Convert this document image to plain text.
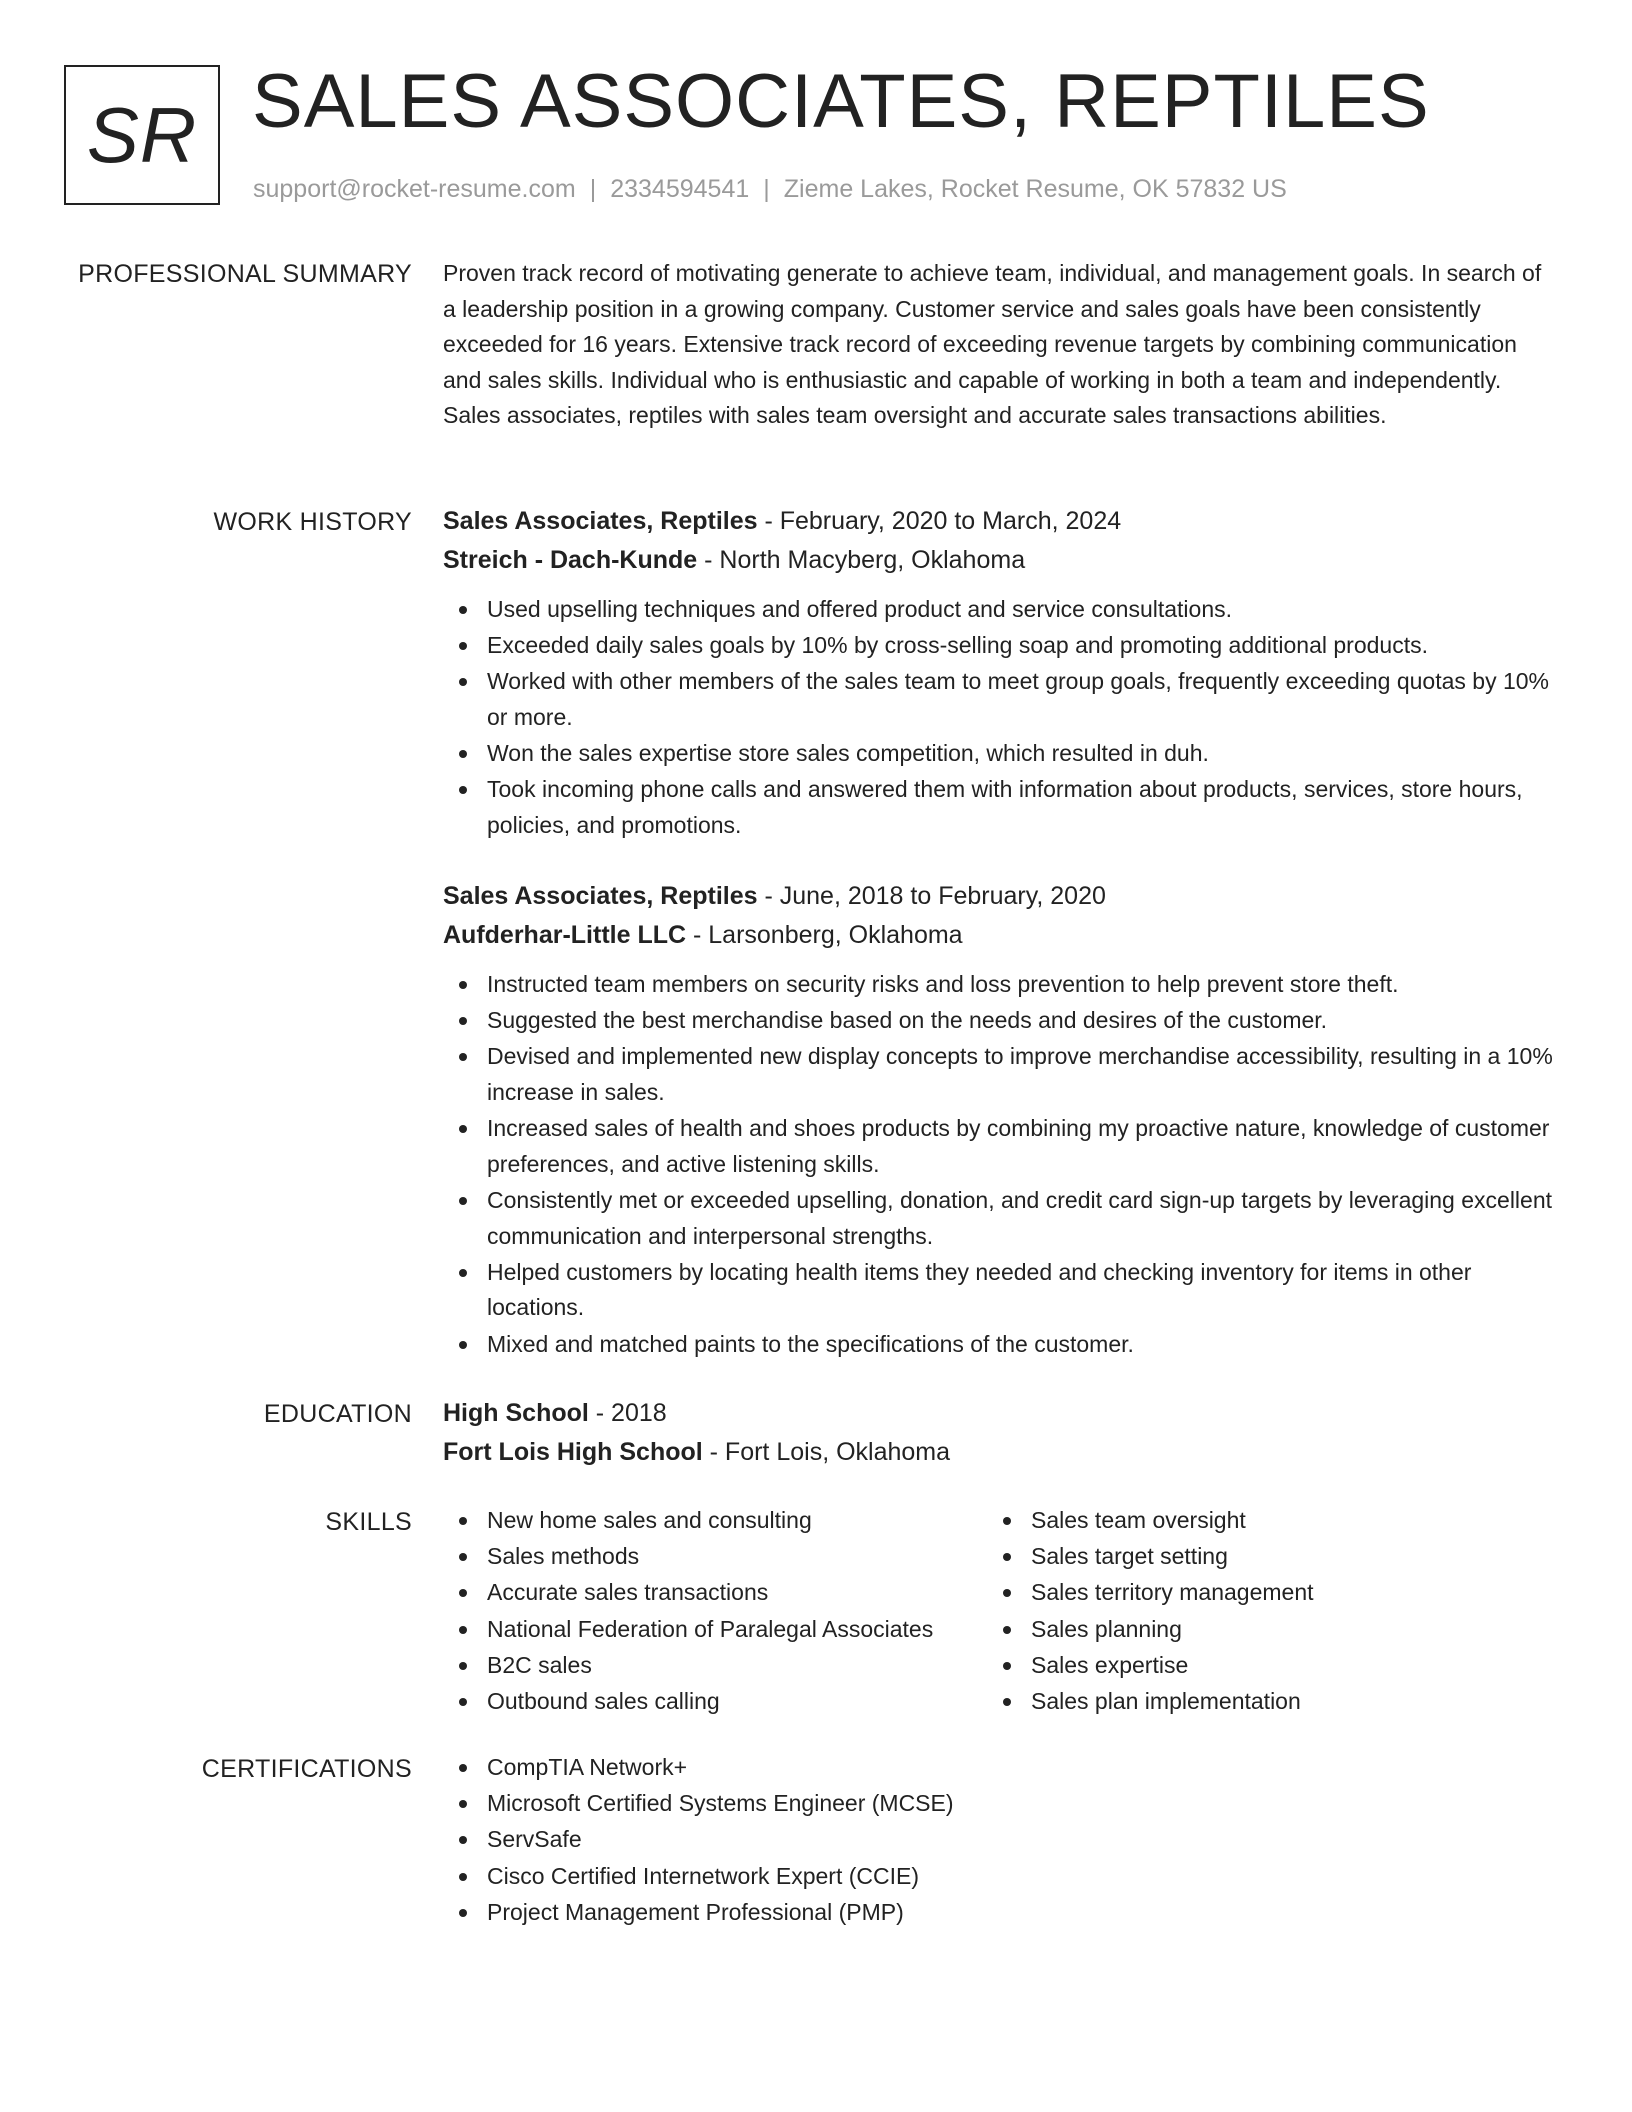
SR SALES ASSOCIATES, REPTILES
support@rocket-resume.com | 2334594541 | Zieme Lakes, Rocket Resume, OK 57832 US
PROFESSIONAL SUMMARY Proven track record of motivating generate to achieve team, individual, and management goals. In search of a leadership position in a growing company. Customer service and sales goals have been consistently exceeded for 16 years. Extensive track record of exceeding revenue targets by combining communication and sales skills. Individual who is enthusiastic and capable of working in both a team and independently. Sales associates, reptiles with sales team oversight and accurate sales transactions abilities.

WORK HISTORY Sales Associates, Reptiles - February, 2020 to March, 2024
Streich - Dach-Kunde - North Macyberg, Oklahoma
Used upselling techniques and offered product and service consultations.
Exceeded daily sales goals by 10% by cross-selling soap and promoting additional products.
Worked with other members of the sales team to meet group goals, frequently exceeding quotas by 10% or more.
Won the sales expertise store sales competition, which resulted in duh.
Took incoming phone calls and answered them with information about products, services, store hours, policies, and promotions.
Sales Associates, Reptiles - June, 2018 to February, 2020
Aufderhar-Little LLC - Larsonberg, Oklahoma
Instructed team members on security risks and loss prevention to help prevent store theft.
Suggested the best merchandise based on the needs and desires of the customer.
Devised and implemented new display concepts to improve merchandise accessibility, resulting in a 10% increase in sales.
Increased sales of health and shoes products by combining my proactive nature, knowledge of customer preferences, and active listening skills.
Consistently met or exceeded upselling, donation, and credit card sign-up targets by leveraging excellent communication and interpersonal strengths.
Helped customers by locating health items they needed and checking inventory for items in other locations.
Mixed and matched paints to the specifications of the customer.
EDUCATION High School - 2018
Fort Lois High School - Fort Lois, Oklahoma
SKILLS	New home sales and consulting
Sales methods
Accurate sales transactions
National Federation of Paralegal Associates
B2C sales
Outbound sales calling
Sales team oversight
Sales target setting
Sales territory management
Sales planning
Sales expertise
Sales plan implementation
CERTIFICATIONS	CompTIA Network+
Microsoft Certified Systems Engineer (MCSE)
ServSafe
Cisco Certified Internetwork Expert (CCIE)
Project Management Professional (PMP)
